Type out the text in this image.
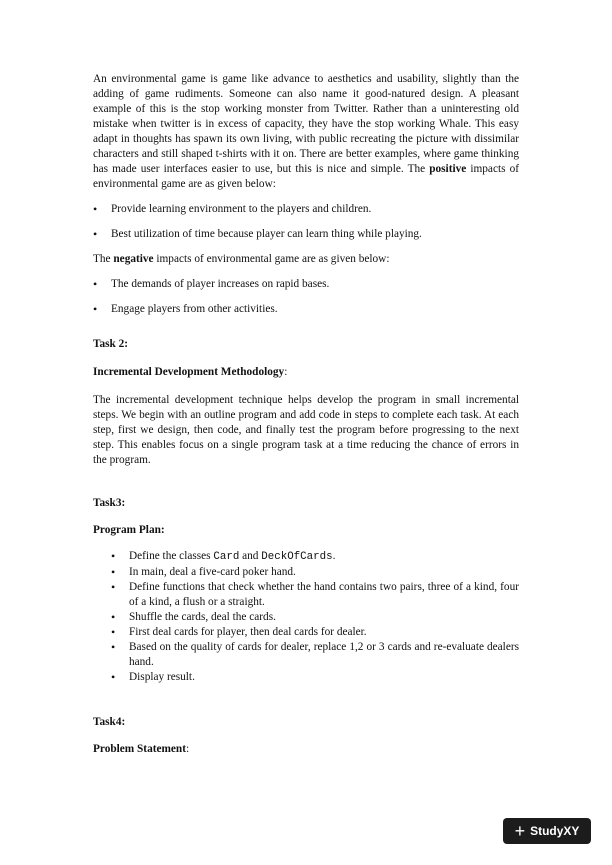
An environmental game is game like advance to aesthetics and usability, slightly than the adding of game rudiments. Someone can also name it good-natured design. A pleasant example of this is the stop working monster from Twitter. Rather than a uninteresting old mistake when twitter is in excess of capacity, they have the stop working Whale. This easy adapt in thoughts has spawn its own living, with public recreating the picture with dissimilar characters and still shaped t-shirts with it on. There are better examples, where game thinking has made user interfaces easier to use, but this is nice and simple. The positive impacts of environmental game are as given below:

• Provide learning environment to the players and children.
• Best utilization of time because player can learn thing while playing.

The negative impacts of environmental game are as given below:

• The demands of player increases on rapid bases.
• Engage players from other activities.

Task 2:

Incremental Development Methodology:

The incremental development technique helps develop the program in small incremental steps. We begin with an outline program and add code in steps to complete each task. At each step, first we design, then code, and finally test the program before progressing to the next step. This enables focus on a single program task at a time reducing the chance of errors in the program.

Task3:

Program Plan:

• Define the classes Card and DeckOfCards.
• In main, deal a five-card poker hand.
• Define functions that check whether the hand contains two pairs, three of a kind, four of a kind, a flush or a straight.
• Shuffle the cards, deal the cards.
• First deal cards for player, then deal cards for dealer.
• Based on the quality of cards for dealer, replace 1,2 or 3 cards and re-evaluate dealers hand.
• Display result.

Task4:

Problem Statement:

+ StudyXY
